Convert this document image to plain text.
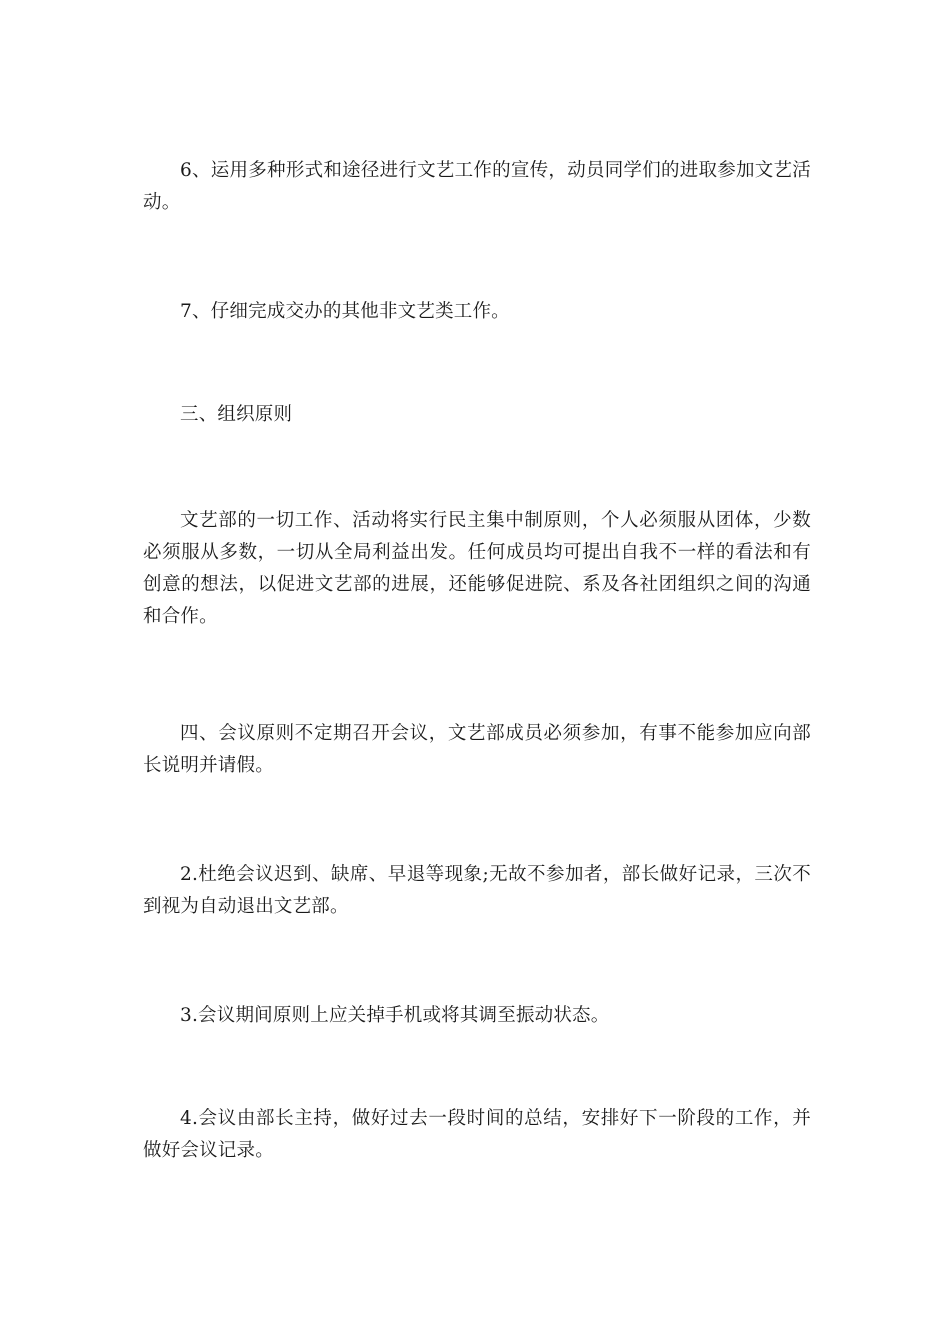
6、运用多种形式和途径进行文艺工作的宣传，动员同学们的进取参加文艺活动。

7、仔细完成交办的其他非文艺类工作。

三、组织原则

文艺部的一切工作、活动将实行民主集中制原则，个人必须服从团体，少数必须服从多数，一切从全局利益出发。任何成员均可提出自我不一样的看法和有创意的想法，以促进文艺部的进展，还能够促进院、系及各社团组织之间的沟通和合作。

四、会议原则不定期召开会议，文艺部成员必须参加，有事不能参加应向部长说明并请假。

2.杜绝会议迟到、缺席、早退等现象;无故不参加者，部长做好记录，三次不到视为自动退出文艺部。

3.会议期间原则上应关掉手机或将其调至振动状态。

4.会议由部长主持，做好过去一段时间的总结，安排好下一阶段的工作，并做好会议记录。
